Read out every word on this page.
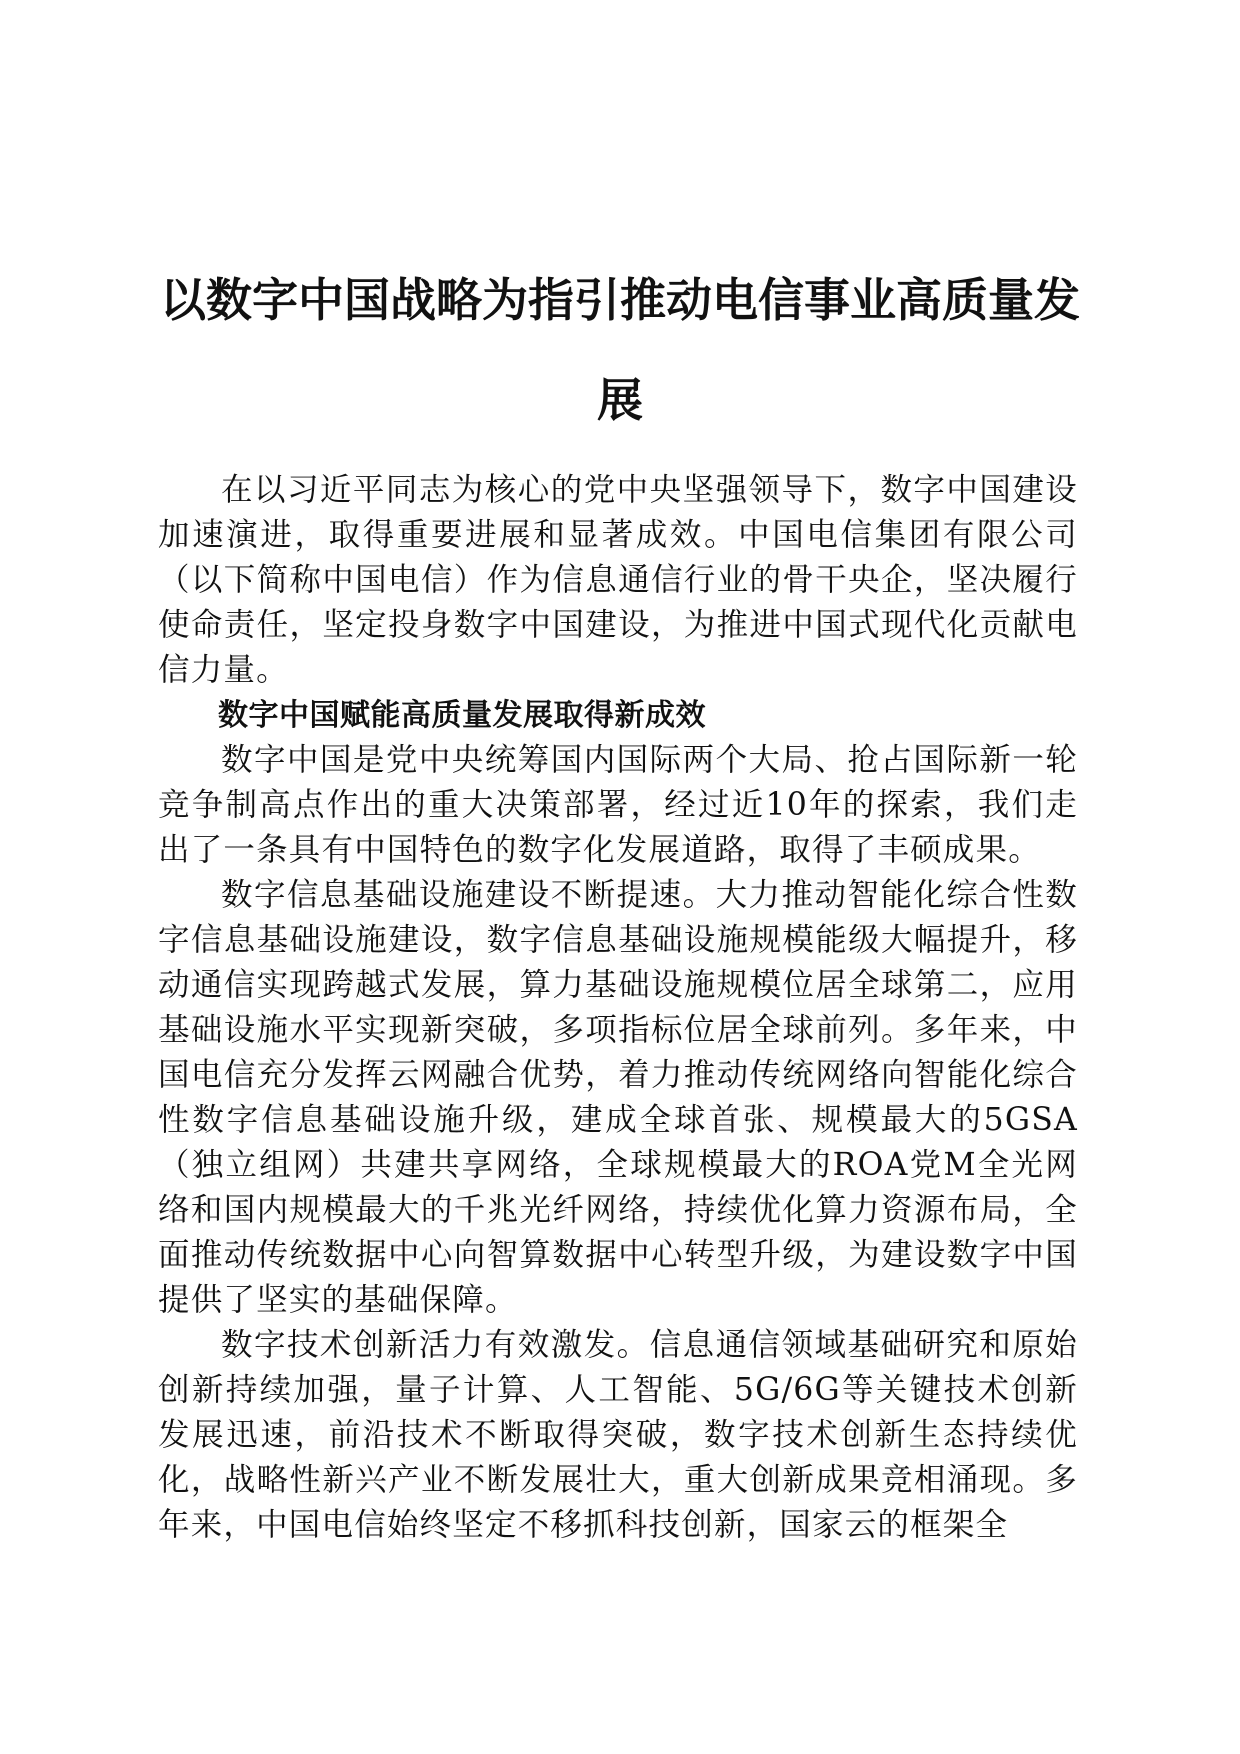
以数字中国战略为指引推动电信事业高质量发展

在以习近平同志为核心的党中央坚强领导下，数字中国建设加速演进，取得重要进展和显著成效。中国电信集团有限公司（以下简称中国电信）作为信息通信行业的骨干央企，坚决履行使命责任，坚定投身数字中国建设，为推进中国式现代化贡献电信力量。

数字中国赋能高质量发展取得新成效

数字中国是党中央统筹国内国际两个大局、抢占国际新一轮竞争制高点作出的重大决策部署，经过近10年的探索，我们走出了一条具有中国特色的数字化发展道路，取得了丰硕成果。

数字信息基础设施建设不断提速。大力推动智能化综合性数字信息基础设施建设，数字信息基础设施规模能级大幅提升，移动通信实现跨越式发展，算力基础设施规模位居全球第二，应用基础设施水平实现新突破，多项指标位居全球前列。多年来，中国电信充分发挥云网融合优势，着力推动传统网络向智能化综合性数字信息基础设施升级，建成全球首张、规模最大的5GSA（独立组网）共建共享网络，全球规模最大的ROA党M全光网络和国内规模最大的千兆光纤网络，持续优化算力资源布局，全面推动传统数据中心向智算数据中心转型升级，为建设数字中国提供了坚实的基础保障。

数字技术创新活力有效激发。信息通信领域基础研究和原始创新持续加强，量子计算、人工智能、5G/6G等关键技术创新发展迅速，前沿技术不断取得突破，数字技术创新生态持续优化，战略性新兴产业不断发展壮大，重大创新成果竞相涌现。多年来，中国电信始终坚定不移抓科技创新，国家云的框架全
